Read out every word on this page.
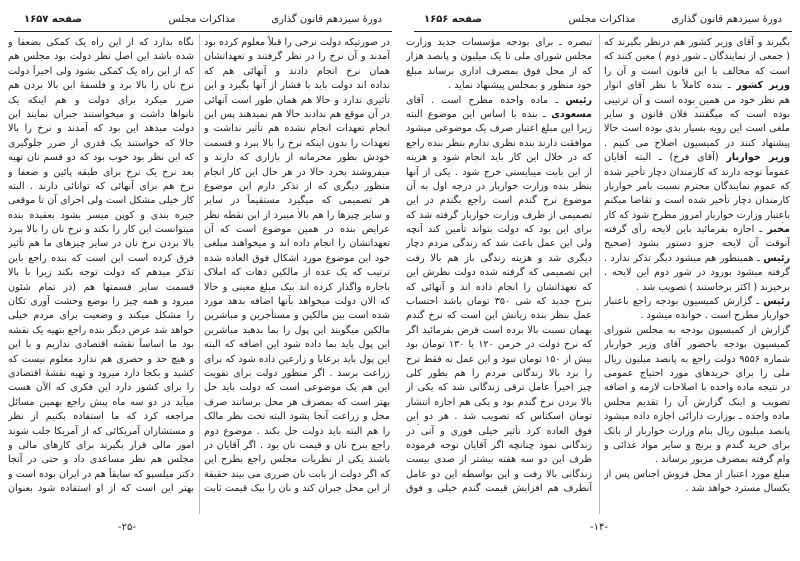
دورهٔ سیزدهم قانون گذاری
مذاکرات مجلس
صفحه ۱۶۵۷
در صورتیکه دولت نرخی را قبلاً معلوم کرده بود
آمدند و آن نرخ را در نظر گرفتند و تعهداتشان
همان نرخ انجام دادند و آنهائی هم که
نداده اند دولت باید با فشار از آنها بگیرد و این
تأثیری ندارد و حالا هم همان طور است آنهائی
در آن موقع هم ندادند حالا هم نمیدهند پس این
انجام تعهدات انجام نشده هم تأثیر نداشت و
تعهدات را بدون اینکه نرخ را بالا ببرد و قسمت
خودش بطور محرمانه از بازاری که دارند و
میفروشند بخرد حالا در هر حال این کار انجام
منظور دیگری که از تذکر دارم این موضوع
هر تصمیمی که میگیرد مستقیماً در سایر
و سایر چیزها را هم بالا میبرد از این نقطه نظر
عرایض بنده در همین موضوع است که آن
تعهداتشان را انجام داده اند و میخواهند مبلغی
خود این موضوع مورد اشکال فوق العاده شده
ترتیب که یک عده از مالکین دهات که املاک
باجاره واگذار کرده اند بیک مبلغ معینی و حالا
که الان دولت میخواهد بآنها اضافه بدهد مورد
شده است بین مالکین و مستأجرین و مباشرین
مالکین میگویند این پول را بما بدهید مباشرین
این پول باید بما داده شود این اضافه که البته
این پول باید برعایا و زارعین داده شود که برای
زراعت برسد . اگر منظور دولت برای تقویت
این هم یک موضوعی است که دولت باید حل
بهتر است که بمصرف هر محل برسانند صرف
محل و زراعت آنجا بشود البته تحت نظر مالک
را هم البته باید دولت حل بکند . موضوع دوم
راجع بنرخ نان و قیمت نان بود . اگر آقایان در
باشند یکی از نظریات مجلس راجع بطرح این
که اگر دولت از بابت نان ضرری می بیند حقیقة
از این محل جبران کند و نان را بیک قیمت ثابت
نگاه بدارد که از این راه یک کمکی بضعفا و
شده باشد این اصل نظر دولت بود مجلس هم
که از این راه یک کمکی بشود ولی اخیراً دولت
نرخ نان را بالا برد و فلسفهٔ این بالا بردن هم
ضرر میکرد برای دولت و هم اینکه یک
نانواها داشت و میخواستند جبران نمایند این
دولت میدهد این بود که آمدند و نرخ را بالا
حالا که خواستند یک قدری از ضرر جلوگیری
که این نظر بود خوب بود که دو قسم نان تهیه
بعد نرخ یک نرخ برای طبقه پائین و ضعفا و
نرخ هم برای آنهائی که توانائی دارند . البته
کار خیلی مشکل است ولی اجرای آن تا موقعی
جیره بندی و کوپن میسر بشود بعقیده بنده
میتوانست این کار را بکند و نرخ نان را بالا ببرد
بالا بردن نرخ نان در سایر چیزهای ما هم تأثیر
فرق کرده است این است که بنده راجع باین
تذکر میدهم که دولت توجه بکند زیرا با بالا
قسمت سایر قسمتها هم (در تمام شئون
میرود و همه چیز را بوضع وحشت آوری تکان
را مشکل میکند و وضعیت برای مردم خیلی
خواهد شد عرض دیگر بنده راجع بتهیه یک نقشه
بود ما اساساً نقشه اقتصادی نداریم و با این
و هیچ حد و حصری هم ندارد معلوم نیست که
کشید و بکجا دارد میرود و تهیه نقشهٔ اقتصادی
را برای کشور دارد این فکری که الآن هست
میآید در دو سه ماه پیش راجع بهمین مسائل
مراجعه کرد که ما استفاده بکنیم از نظر
و مستشاران آمریکائی که از آمریکا جلب شوند
امور مالی قرار بگیرند برای کارهای مالی و
مجلس هم نظر مساعدی داد و حتی در آنجا
دکتر میلسپو که سابقاً هم در ایران بوده است و
بهتر این است که از او استفاده شود بعنوان
-۲۵-
دورهٔ سیزدهم قانون گذاری
مذاکرات مجلس
صفحه ۱۶۵۶
تبصره ـ برای بودجه مؤسسات جدید وزارت
مجلس شورای ملی تا یک میلیون و پانصد هزار
که از محل فوق بمصرف اداری برساند مبلغ
خود منظور و بمجلس پیشنهاد نماید .
رئیس ـ ماده واحده مطرح است . آقای
مسعودی ـ بنده با اساس این موضوع البته
زیرا این مبلغ اعتبار صرف یک موضوعی میشود
موافقت دارند بنده نظری ندارم بنظر بنده راجع
که در خلال این کار باید انجام شود و هزینه
از این بابت میبایستی خرج شود . یکی از آنها
بنظر بنده وزارت خواربار در درجه اول به آن
موضوع نرخ گندم است راجع بگندم در این
تصمیمی از طرف وزارت خواربار گرفته شد که
برای این بود که دولت بتواند تأمین کند آنچه
ولی این عمل باعث شد که زندگی مردم دچار
دیگری شد و هزینه زندگی باز هم بالا رفت
این تصمیمی که گرفته شده دولت نظرش این
که تعهداتشان را انجام داده اند و آنهائی که
بنرخ جدید که شی ۳۵۰ تومان باشد احتساب
عمل بنظر بنده زیانش این است که نرخ گندم
بهمان نسبت بالا برده است فرض بفرمائید اگر
که نرخ دولت در خرمن ۱۲۰ یا ۱۳۰ تومان بود
بیش از ۱۵۰ تومان نبود و این عمل نه فقط نرخ
را برد بالا زندگانی مردم را هم بطور کلی
چیز اخیراً عامل ترقی زندگانی شد که یکی از
بالا بردن نرخ گندم بود و یکی هم اجازه انتشار
تومان اسکناس که تصویب شد . هر دو این
فوق العاده کرد تأثیر خیلی فوری و آنی در
زندگانی نمود چنانچه اگر آقایان توجه فرموده
ظرف این دو سه هفته بیشتر از صدی بیست
زندگانی بالا رفت و این بواسطه این دو عامل
آنطرف هم افزایش قیمت گندم خیلی و فوق
بگیرند و آقای وزیر کشور هم درنظر بگیرند که
( جمعی از نمایندگان ـ شور دوم ) معین کنند که
است که مخالف با این قانون است و آن را
وزیر کشور ـ بنده کاملاً با نظر آقای انوار
هم نظر خود من همین بوده است و آن ترتیبی
بوده است که میگفتند فلان قانون و سایر
ملغی است این رویه بسیار بدی بوده است حالا
پیشنهاد کنند در کمیسیون اصلاح می کنیم .
وزیر خواربار (آقای فرخ) ـ البته آقایان
عموماً توجه دارند که کارمندان دچار تأخیر شده
که عموم نمایندگان محترم نسبت بامر خواربار
کارمندان دچار تأخیر شده است و تقاضا میکنم
باعتبار وزارت خواربار امروز مطرح شود که کار
مخبر ـ اجازه بفرمائید باین لایحه رأی گرفته
آنوقت آن لایحه جزو دستور بشود (صحیح
رئیس ـ همینطور هم میشود دیگر تذکر ندارد .
گرفته میشود بورود در شور دوم این لایحه .
برخیزند ( اکثر برخاستند ) تصویب شد .
رئیس ـ گزارش کمیسیون بودجه راجع باعتبار
خواربار مطرح است . خوانده میشود .
گزارش از کمیسیون بودجه به مجلس شورای
کمیسیون بودجه باحضور آقای وزیر خواربار
شماره ۹۵۵۶ دولت راجع به پانصد میلیون ریال
ملی را برای خریدهای مورد احتیاج عمومی
در نتیجه ماده واحده با اصلاحات لازمه و اضافه
تصویب و اینک گزارش آن را تقدیم مجلس
ماده واحده ـ بوزارت دارائی اجازه داده میشود
پانصد میلیون ریال بنام وزارت خواربار از بانک
برای خرید گندم و برنج و سایر مواد غذائی و
وام گرفته بمصرف مزبور برساند .
مبلغ مورد اعتبار از محل فروش اجناس پس از
یکسال مسترد خواهد شد .
-۱۴-
